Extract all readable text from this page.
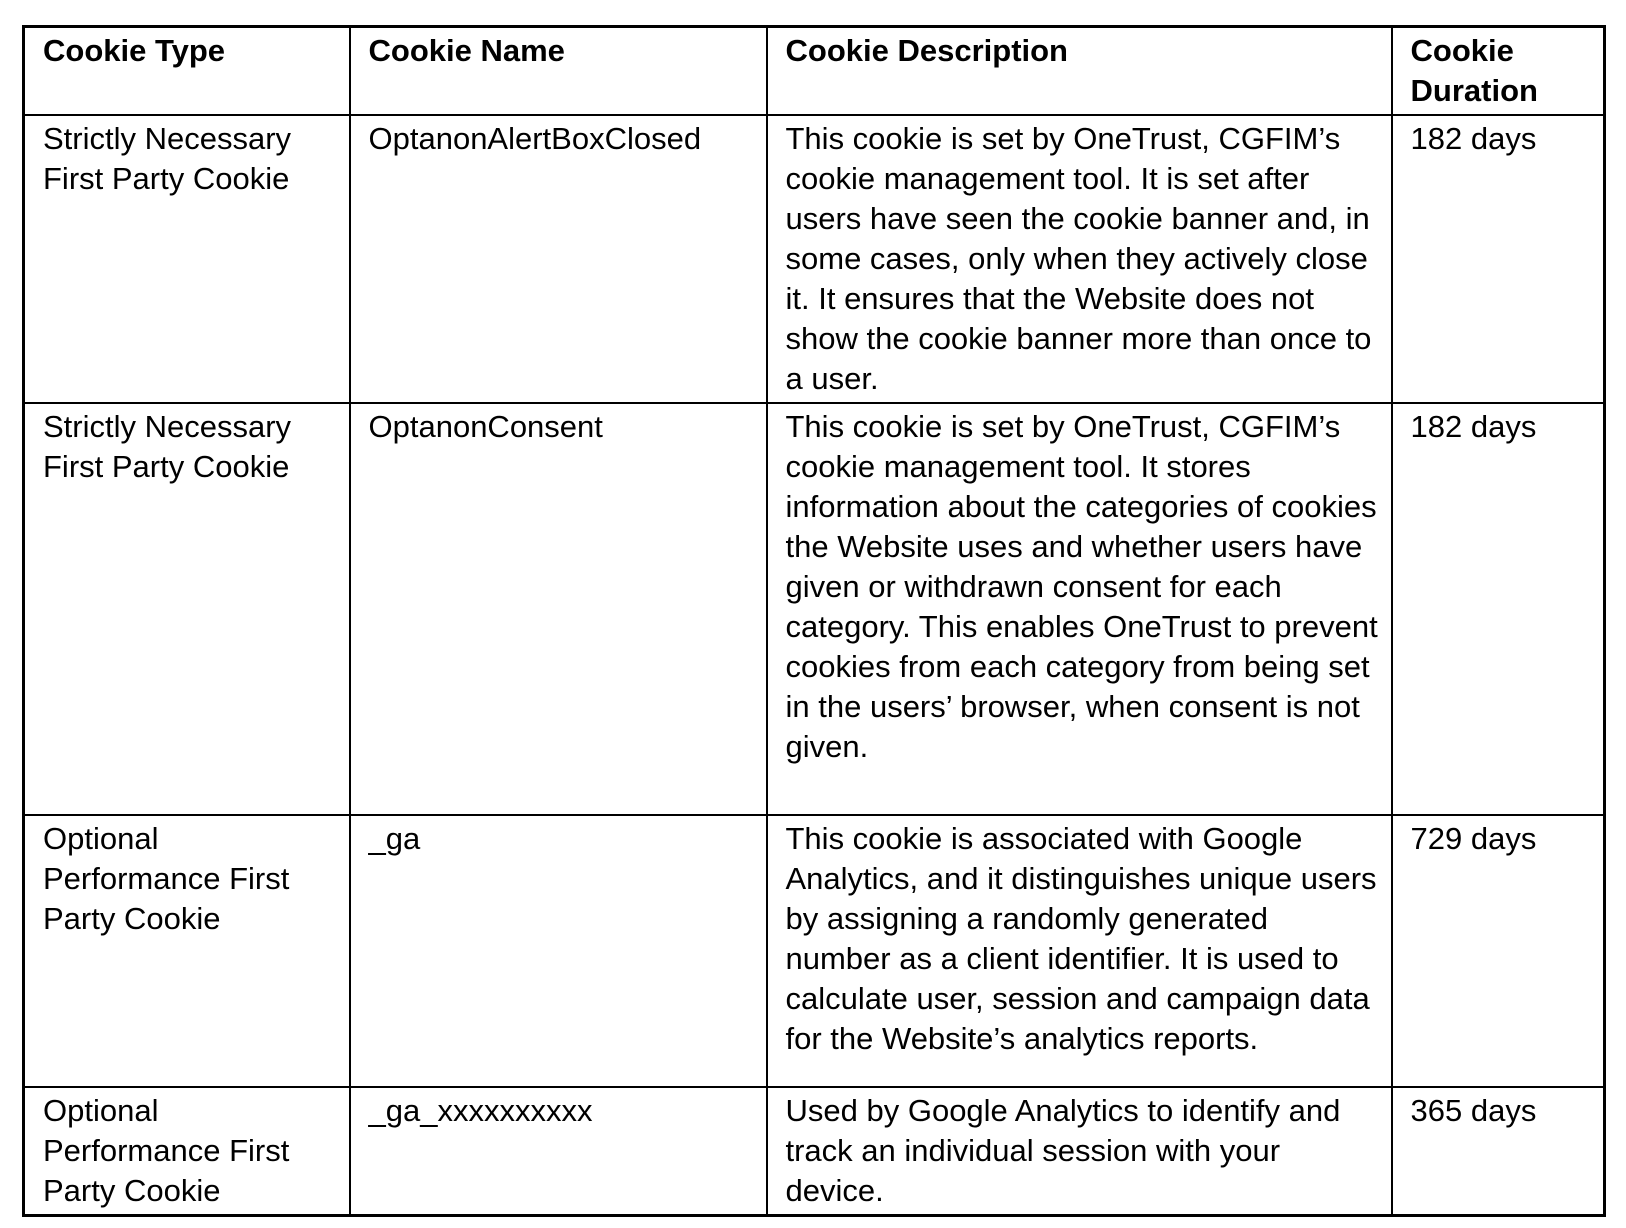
Cookie Type	Cookie Name	Cookie Description	Cookie Duration
Strictly Necessary First Party Cookie	OptanonAlertBoxClosed	This cookie is set by OneTrust, CGFIM’s cookie management tool. It is set after users have seen the cookie banner and, in some cases, only when they actively close it. It ensures that the Website does not show the cookie banner more than once to a user.	182 days
Strictly Necessary First Party Cookie	OptanonConsent	This cookie is set by OneTrust, CGFIM’s cookie management tool. It stores information about the categories of cookies the Website uses and whether users have given or withdrawn consent for each category. This enables OneTrust to prevent cookies from each category from being set in the users’ browser, when consent is not given.	182 days
Optional Performance First Party Cookie	_ga	This cookie is associated with Google Analytics, and it distinguishes unique users by assigning a randomly generated number as a client identifier. It is used to calculate user, session and campaign data for the Website’s analytics reports.	729 days
Optional Performance First Party Cookie	_ga_xxxxxxxxxx	Used by Google Analytics to identify and track an individual session with your device.	365 days
